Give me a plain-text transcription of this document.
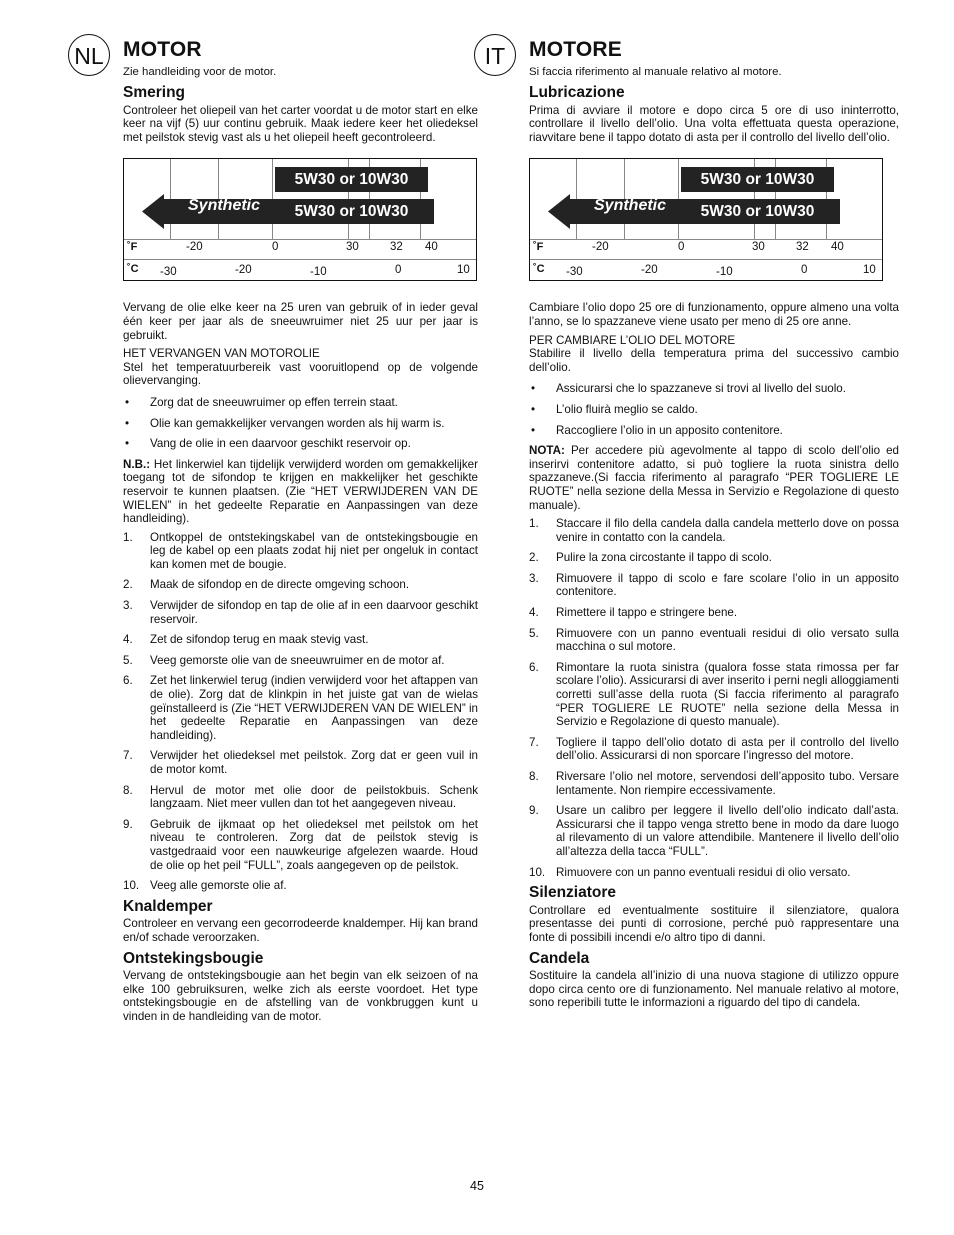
NL MOTOR

Zie handleiding voor de motor.

Smering

Controleer het oliepeil van het carter voordat u de motor start en elke keer na vijf (5) uur continu gebruik. Maak iedere keer het oliedeksel met peilstok stevig vast als u het oliepeil heeft gecontroleerd.

5W30 or 10W30
Synthetic	5W30 or 10W30
˚F
˚C
-20	0	30	32 40
-30	-20	-10	0	10

Vervang de olie elke keer na 25 uren van gebruik of in ieder geval één keer per jaar als de sneeuwruimer niet 25 uur per jaar is gebruikt.

HET VERVANGEN VAN MOTOROLIE

Stel het temperatuurbereik vast vooruitlopend op de volgende olievervanging.

• Zorg dat de sneeuwruimer op effen terrein staat.
• Olie kan gemakkelijker vervangen worden als hij warm is.
• Vang de olie in een daarvoor geschikt reservoir op.

N.B.: Het linkerwiel kan tijdelijk verwijderd worden om gemakkelijker toegang tot de sifondop te krijgen en makkelijker het geschikte reservoir te kunnen plaatsen. (Zie “HET VERWIJDEREN VAN DE WIELEN” in het gedeelte Reparatie en Aanpassingen van deze handleiding).

1. Ontkoppel de ontstekingskabel van de ontstekingsbougie en leg de kabel op een plaats zodat hij niet per ongeluk in contact kan komen met de bougie.
2. Maak de sifondop en de directe omgeving schoon.
3. Verwijder de sifondop en tap de olie af in een daarvoor geschikt reservoir.
4. Zet de sifondop terug en maak stevig vast.
5. Veeg gemorste olie van de sneeuwruimer en de motor af.
6. Zet het linkerwiel terug (indien verwijderd voor het aftappen van de olie). Zorg dat de klinkpin in het juiste gat van de wielas geïnstalleerd is (Zie “HET VERWIJDEREN VAN DE WIELEN” in het gedeelte Reparatie en Aanpassingen van deze handleiding).
7. Verwijder het oliedeksel met peilstok. Zorg dat er geen vuil in de motor komt.
8. Hervul de motor met olie door de peilstokbuis. Schenk langzaam. Niet meer vullen dan tot het aangegeven niveau.
9. Gebruik de ijkmaat op het oliedeksel met peilstok om het niveau te controleren. Zorg dat de peilstok stevig is vastgedraaid voor een nauwkeurige afgelezen waarde. Houd de olie op het peil “FULL”, zoals aangegeven op de peilstok.
10. Veeg alle gemorste olie af.
Knaldemper

Controleer en vervang een gecorrodeerde knaldemper. Hij kan brand en/of schade veroorzaken.

Ontstekingsbougie

Vervang de ontstekingsbougie aan het begin van elk seizoen of na elke 100 gebruiksuren, welke zich als eerste voordoet. Het type ontstekingsbougie en de afstelling van de vonkbruggen kunt u vinden in de handleiding van de motor.

IT	MOTORE

Si faccia riferimento al manuale relativo al motore.

Lubricazione

Prima di avviare il motore e dopo circa 5 ore di uso ininterrotto, controllare il livello dell’olio. Una volta effettuata questa operazione, riavvitare bene il tappo dotato di asta per il controllo del livello dell’olio.

5W30 or 10W30
Synthetic	5W30 or 10W30
˚F
˚C
-20	0	30	32 40
-30	-20	-10	0	10

Cambiare l’olio dopo 25 ore di funzionamento, oppure almeno una volta l’anno, se lo spazzaneve viene usato per meno di 25 ore anne.

PER CAMBIARE L’OLIO DEL MOTORE

Stabilire il livello della temperatura prima del successivo cambio dell’olio.

• Assicurarsi che lo spazzaneve si trovi al livello del suolo.
• L’olio fluirà meglio se caldo.
• Raccogliere l’olio in un apposito contenitore.

NOTA: Per accedere più agevolmente al tappo di scolo dell’olio ed inserirvi contenitore adatto, si può togliere la ruota sinistra dello spazzaneve.(Si faccia riferimento al paragrafo “PER TOGLIERE LE RUOTE” nella sezione della Messa in Servizio e Regolazione di questo manuale).

1. Staccare il filo della candela dalla candela metterlo dove on possa venire in contatto con la candela.
2. Pulire la zona circostante il tappo di scolo.
3. Rimuovere il tappo di scolo e fare scolare l’olio in un apposito contenitore.
4. Rimettere il tappo e stringere bene.
5. Rimuovere con un panno eventuali residui di olio versato sulla macchina o sul motore.
6. Rimontare la ruota sinistra (qualora fosse stata rimossa per far scolare l’olio). Assicurarsi di aver inserito i perni negli alloggiamenti corretti sull’asse della ruota (Si faccia riferimento al paragrafo “PER TOGLIERE LE RUOTE” nella sezione della Messa in Servizio e Regolazione di questo manuale).
7. Togliere il tappo dell’olio dotato di asta per il controllo del livello dell’olio. Assicurarsi di non sporcare l’ingresso del motore.
8. Riversare l’olio nel motore, servendosi dell’apposito tubo. Versare lentamente. Non riempire eccessivamente.
9. Usare un calibro per leggere il livello dell’olio indicato dall’asta. Assicurarsi che il tappo venga stretto bene in modo da dare luogo al rilevamento di un valore attendibile. Mantenere il livello dell’olio all’altezza della tacca “FULL”.
10. Rimuovere con un panno eventuali residui di olio versato.
Silenziatore

Controllare ed eventualmente sostituire il silenziatore, qualora presentasse dei punti di corrosione, perché può rappresentare una fonte di possibili incendi e/o altro tipo di danni.

Candela

Sostituire la candela all’inizio di una nuova stagione di utilizzo oppure dopo circa cento ore di funzionamento. Nel manuale relativo al motore, sono reperibili tutte le informazioni a riguardo del tipo di candela.

45
